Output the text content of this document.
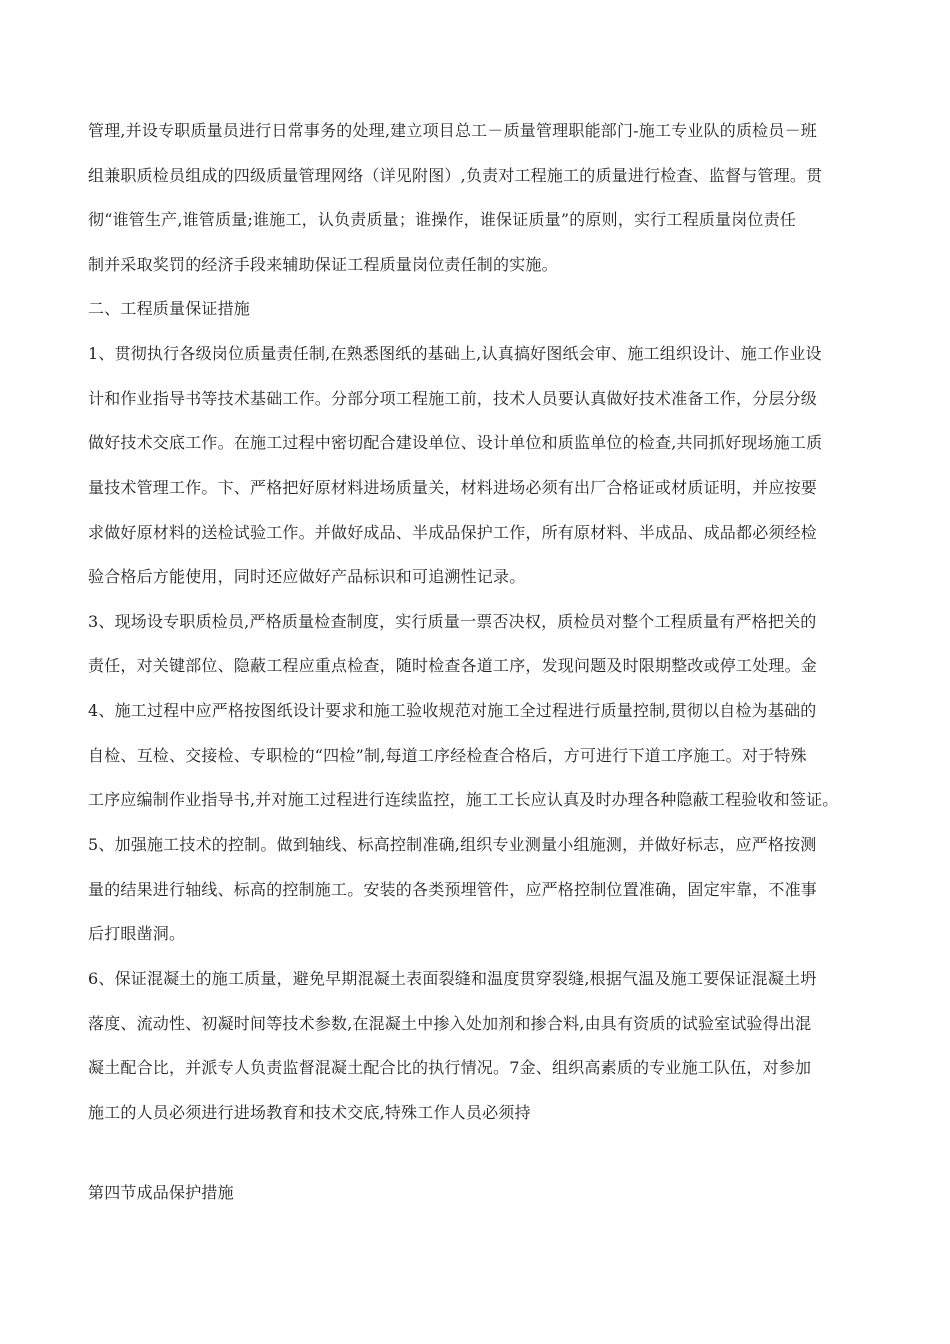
管理,并设专职质量员进行日常事务的处理,建立项目总工－质量管理职能部门-施工专业队的质检员－班
组兼职质检员组成的四级质量管理网络（详见附图）,负责对工程施工的质量进行检查、监督与管理。贯
彻“谁管生产,谁管质量;谁施工，认负责质量；谁操作，谁保证质量”的原则，实行工程质量岗位责任
制并采取奖罚的经济手段来辅助保证工程质量岗位责任制的实施。
二、工程质量保证措施
1、贯彻执行各级岗位质量责任制,在熟悉图纸的基础上,认真搞好图纸会审、施工组织设计、施工作业设
计和作业指导书等技术基础工作。分部分项工程施工前，技术人员要认真做好技术准备工作，分层分级
做好技术交底工作。在施工过程中密切配合建设单位、设计单位和质监单位的检查,共同抓好现场施工质
量技术管理工作。卞、严格把好原材料进场质量关，材料进场必须有出厂合格证或材质证明，并应按要
求做好原材料的送检试验工作。并做好成品、半成品保护工作，所有原材料、半成品、成品都必须经检
验合格后方能使用，同时还应做好产品标识和可追溯性记录。
3、现场设专职质检员,严格质量检查制度，实行质量一票否决权，质检员对整个工程质量有严格把关的
责任，对关键部位、隐蔽工程应重点检查，随时检查各道工序，发现问题及时限期整改或停工处理。金
4、施工过程中应严格按图纸设计要求和施工验收规范对施工全过程进行质量控制,贯彻以自检为基础的
自检、互检、交接检、专职检的“四检”制,每道工序经检查合格后，方可进行下道工序施工。对于特殊
工序应编制作业指导书,并对施工过程进行连续监控，施工工长应认真及时办理各种隐蔽工程验收和签证。
5、加强施工技术的控制。做到轴线、标高控制准确,组织专业测量小组施测，并做好标志，应严格按测
量的结果进行轴线、标高的控制施工。安装的各类预埋管件，应严格控制位置准确，固定牢靠，不准事
后打眼凿洞。
6、保证混凝土的施工质量，避免早期混凝土表面裂缝和温度贯穿裂缝,根据气温及施工要保证混凝土坍
落度、流动性、初凝时间等技术参数,在混凝土中掺入处加剂和掺合料,由具有资质的试验室试验得出混
凝土配合比，并派专人负责监督混凝土配合比的执行情况。7金、组织高素质的专业施工队伍，对参加
施工的人员必须进行进场教育和技术交底,特殊工作人员必须持
第四节成品保护措施
